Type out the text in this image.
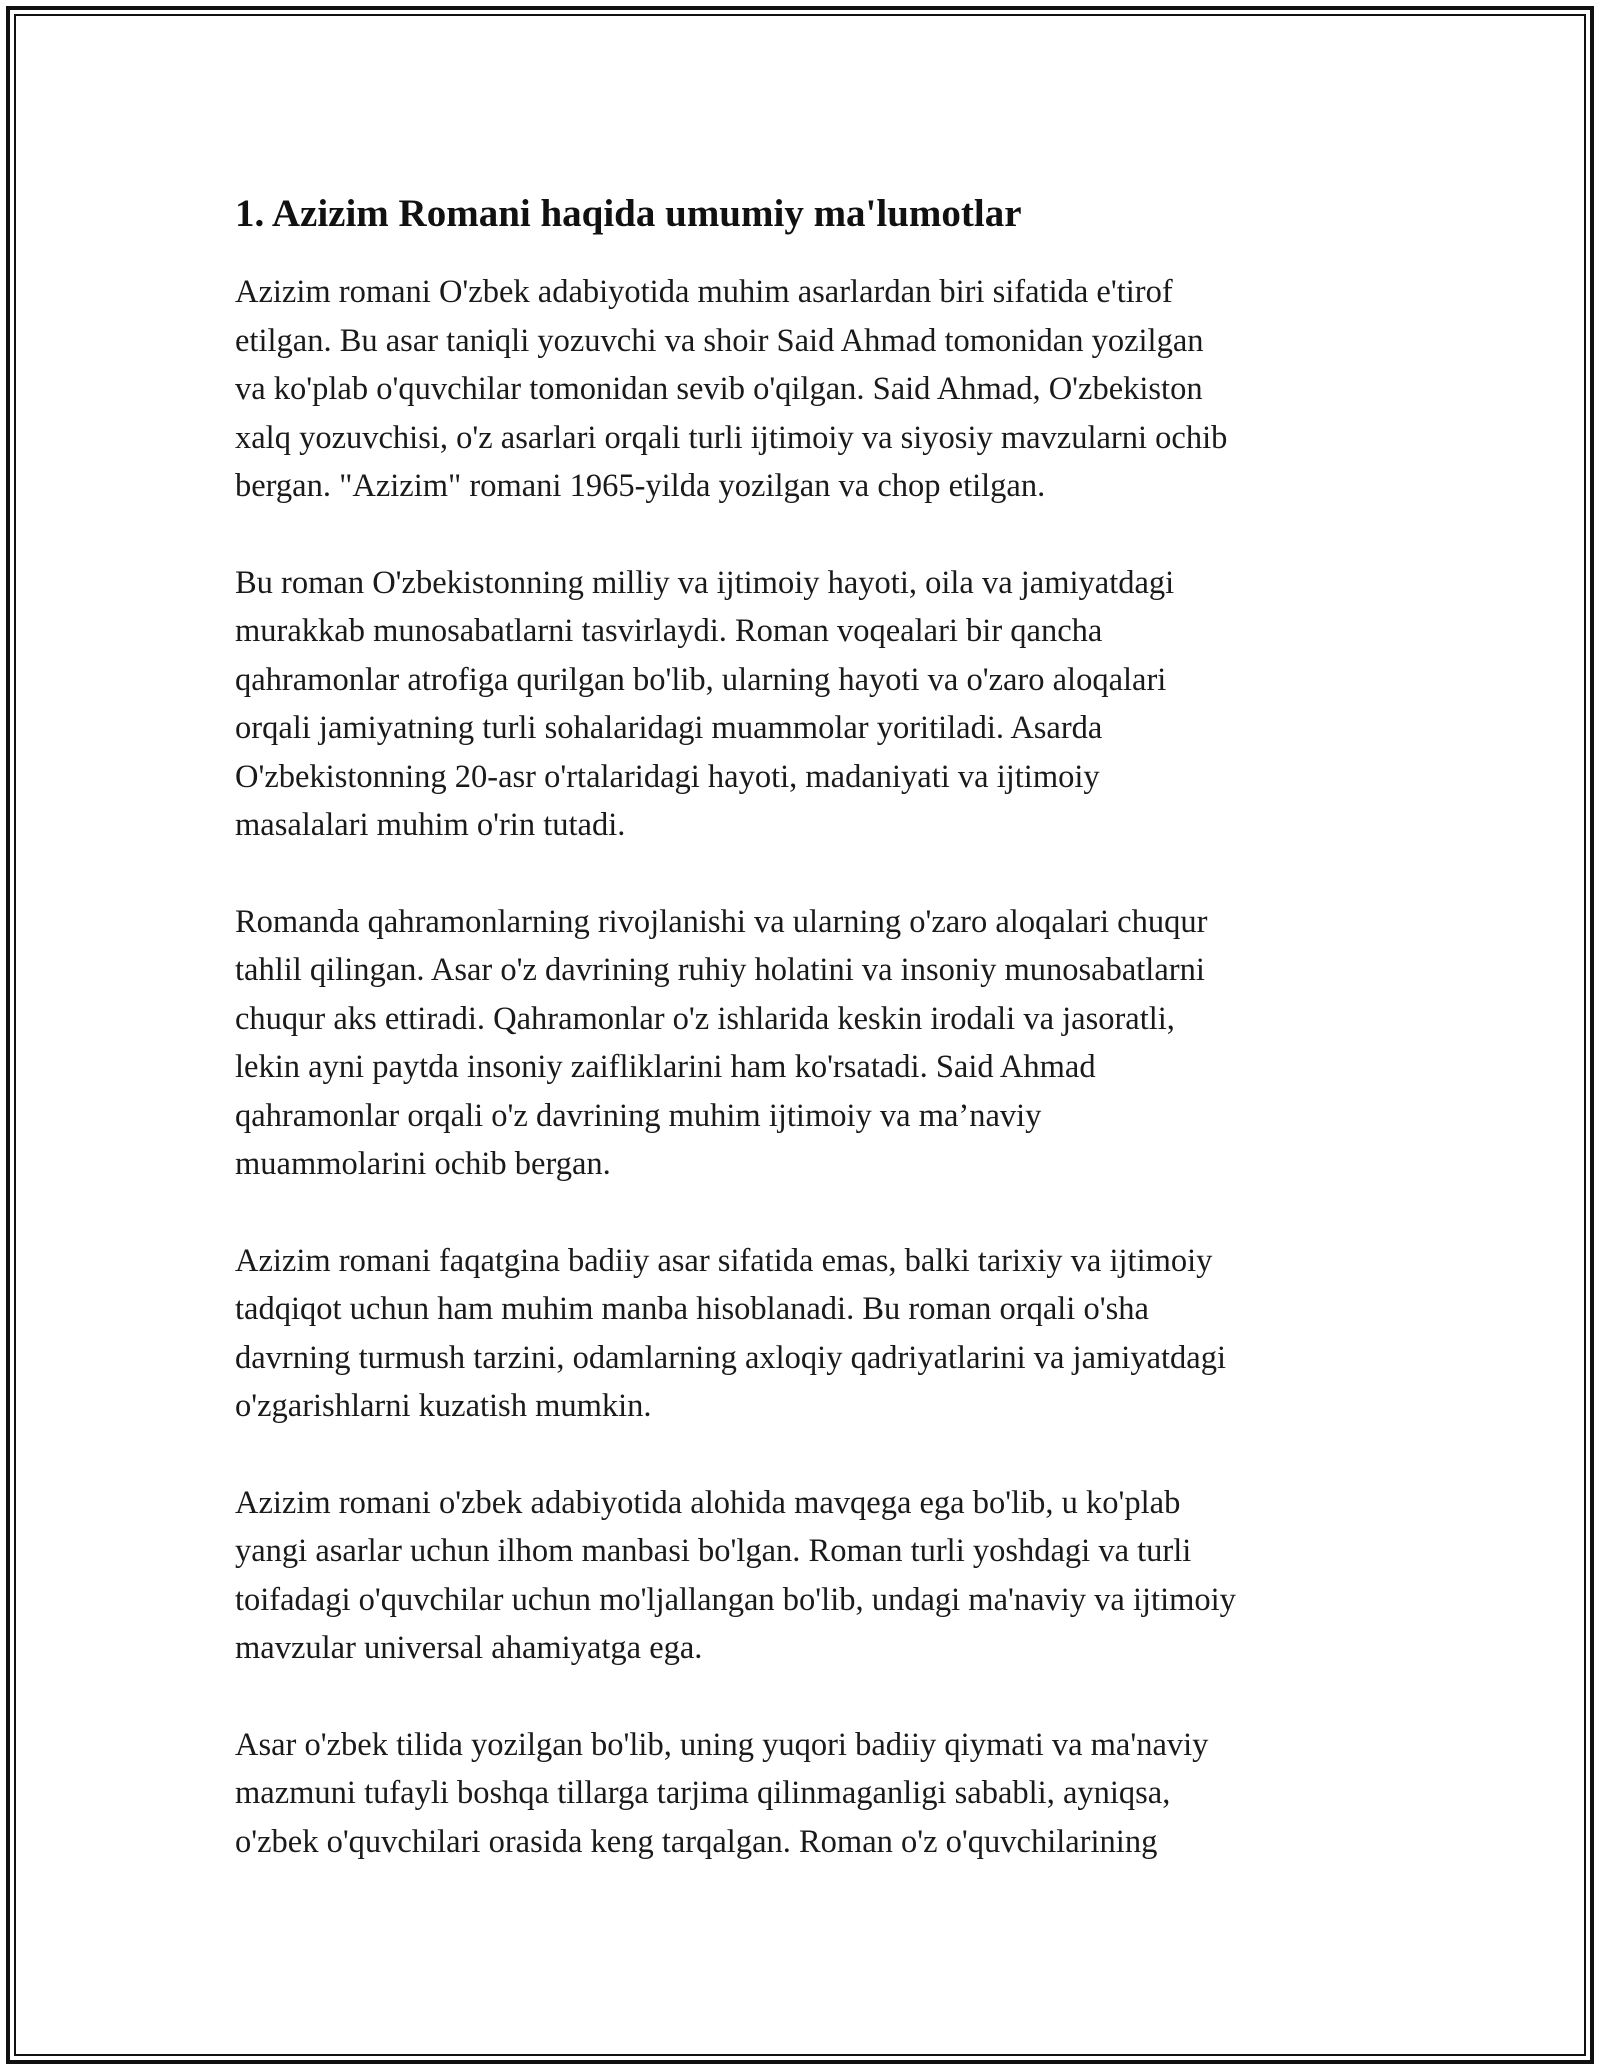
1. Azizim Romani haqida umumiy ma'lumotlar
Azizim romani O'zbek adabiyotida muhim asarlardan biri sifatida e'tirof
etilgan. Bu asar taniqli yozuvchi va shoir Said Ahmad tomonidan yozilgan
va ko'plab o'quvchilar tomonidan sevib o'qilgan. Said Ahmad, O'zbekiston
xalq yozuvchisi, o'z asarlari orqali turli ijtimoiy va siyosiy mavzularni ochib
bergan. "Azizim" romani 1965-yilda yozilgan va chop etilgan.
Bu roman O'zbekistonning milliy va ijtimoiy hayoti, oila va jamiyatdagi
murakkab munosabatlarni tasvirlaydi. Roman voqealari bir qancha
qahramonlar atrofiga qurilgan bo'lib, ularning hayoti va o'zaro aloqalari
orqali jamiyatning turli sohalaridagi muammolar yoritiladi. Asarda
O'zbekistonning 20-asr o'rtalaridagi hayoti, madaniyati va ijtimoiy
masalalari muhim o'rin tutadi.
Romanda qahramonlarning rivojlanishi va ularning o'zaro aloqalari chuqur
tahlil qilingan. Asar o'z davrining ruhiy holatini va insoniy munosabatlarni
chuqur aks ettiradi. Qahramonlar o'z ishlarida keskin irodali va jasoratli,
lekin ayni paytda insoniy zaifliklarini ham ko'rsatadi. Said Ahmad
qahramonlar orqali o'z davrining muhim ijtimoiy va ma’naviy
muammolarini ochib bergan.
Azizim romani faqatgina badiiy asar sifatida emas, balki tarixiy va ijtimoiy
tadqiqot uchun ham muhim manba hisoblanadi. Bu roman orqali o'sha
davrning turmush tarzini, odamlarning axloqiy qadriyatlarini va jamiyatdagi
o'zgarishlarni kuzatish mumkin.
Azizim romani o'zbek adabiyotida alohida mavqega ega bo'lib, u ko'plab
yangi asarlar uchun ilhom manbasi bo'lgan. Roman turli yoshdagi va turli
toifadagi o'quvchilar uchun mo'ljallangan bo'lib, undagi ma'naviy va ijtimoiy
mavzular universal ahamiyatga ega.
Asar o'zbek tilida yozilgan bo'lib, uning yuqori badiiy qiymati va ma'naviy
mazmuni tufayli boshqa tillarga tarjima qilinmaganligi sababli, ayniqsa,
o'zbek o'quvchilari orasida keng tarqalgan. Roman o'z o'quvchilarining
